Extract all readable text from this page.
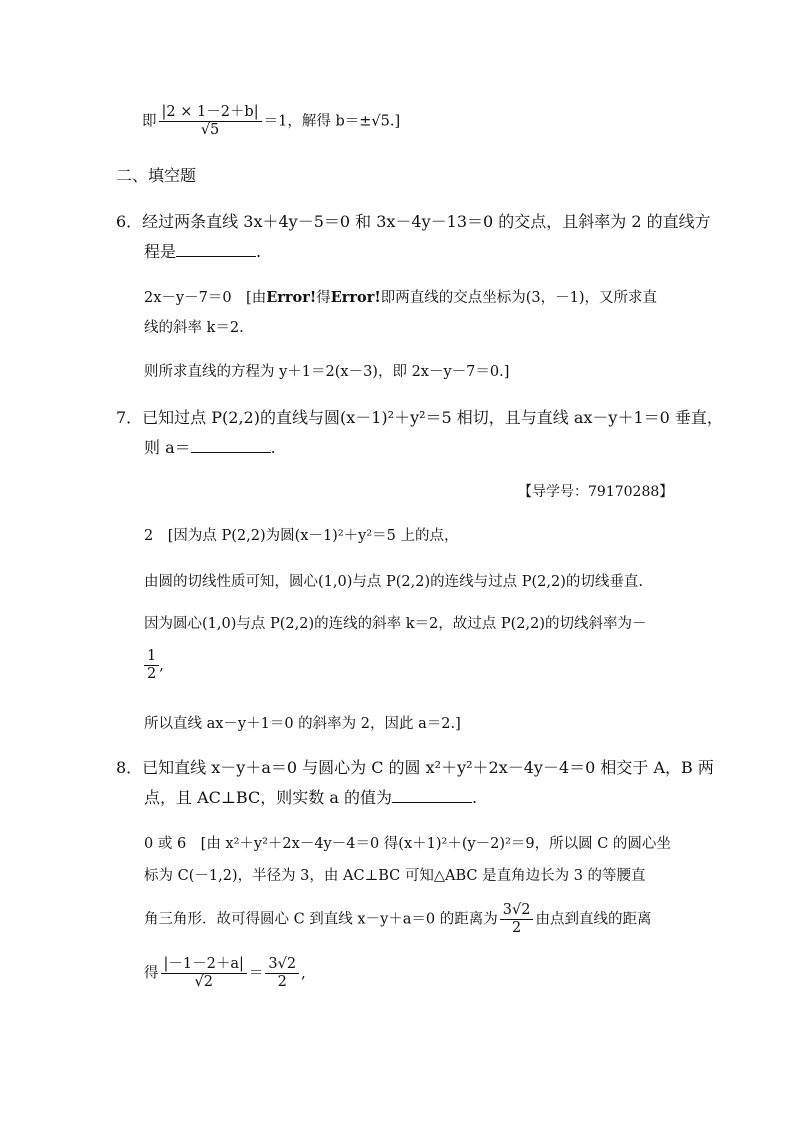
即 $\frac{|2 \times 1-2+b|}{√5} =1$，解得 b＝±√5.]
二、填空题
6．经过两条直线 3x＋4y－5＝0 和 3x－4y－13＝0 的交点，且斜率为 2 的直线方
程是	.
2x－y－7＝0　[由Error!得Error!即两直线的交点坐标为(3，－1)，又所求直
线的斜率 k＝2.
则所求直线的方程为 y＋1＝2(x－3)，即 2x－y－7＝0.]
7．已知过点 P(2,2)的直线与圆(x－1)²＋y²＝5 相切，且与直线 ax－y＋1＝0 垂直，
则 a＝	.
【导学号：79170288】
2　[因为点 P(2,2)为圆(x－1)²＋y²＝5 上的点，
由圆的切线性质可知，圆心(1,0)与点 P(2,2)的连线与过点 P(2,2)的切线垂直.
因为圆心(1,0)与点 P(2,2)的连线的斜率 k＝2，故过点 P(2,2)的切线斜率为－
$\frac{1}{2}$ ,
所以直线 ax－y＋1＝0 的斜率为 2，因此 a＝2.]
8．已知直线 x－y＋a＝0 与圆心为 C 的圆 x²＋y²＋2x－4y－4＝0 相交于 A，B 两
点，且 AC⊥BC，则实数 a 的值为	.
0 或 6　[由 x²＋y²＋2x－4y－4＝0 得(x＋1)²＋(y－2)²＝9，所以圆 C 的圆心坐
标为 C(－1,2)，半径为 3，由 AC⊥BC 可知△ABC 是直角边长为 3 的等腰直
角三角形．故可得圆心 C 到直线 x－y＋a＝0 的距离为 $\frac{3√2}{2}$ 由点到直线的距离
得 $\frac{|-1-2+a|}{√2} = \frac{3√2}{2}$ ,
